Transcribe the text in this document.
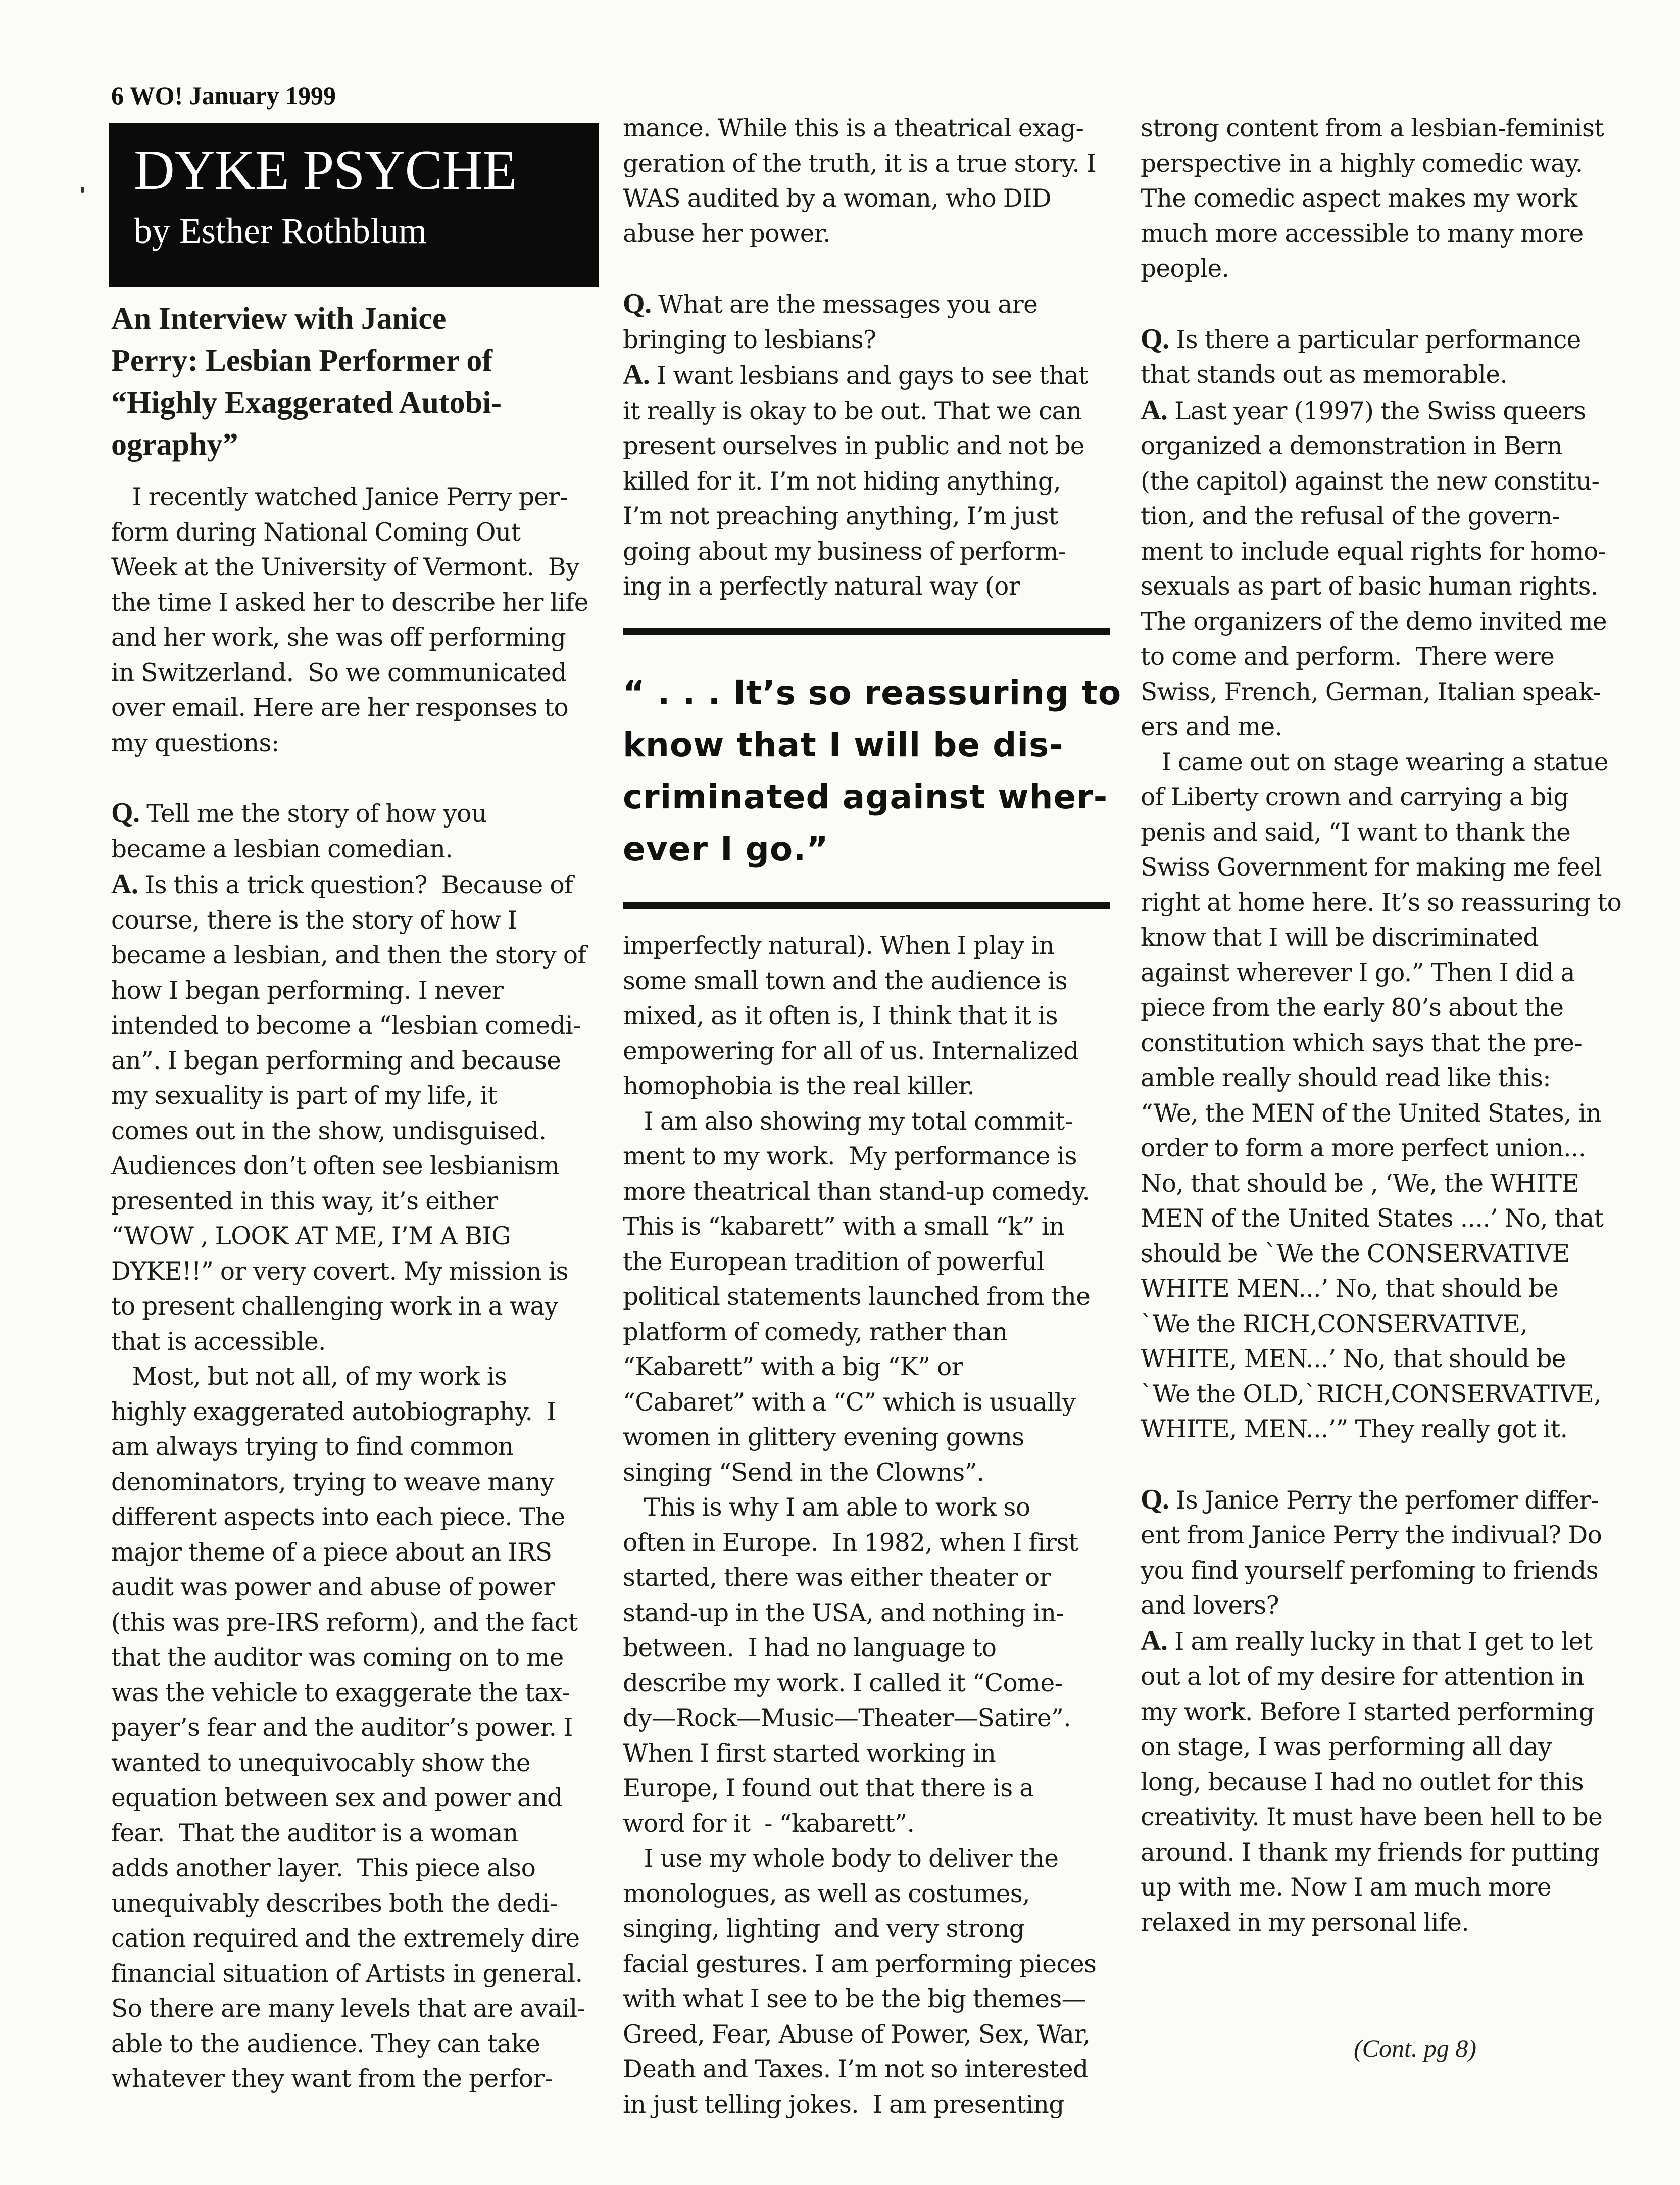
6 WO! January 1999
DYKE PSYCHE
by Esther Rothblum
An Interview with Janice
Perry: Lesbian Performer of
“Highly Exaggerated Autobi-
ography”
I recently watched Janice Perry per-
form during National Coming Out
Week at the University of Vermont.  By
the time I asked her to describe her life
and her work, she was off performing
in Switzerland.  So we communicated
over email. Here are her responses to
my questions:
Q. Tell me the story of how you
became a lesbian comedian.
A. Is this a trick question?  Because of
course, there is the story of how I
became a lesbian, and then the story of
how I began performing. I never
intended to become a “lesbian comedi-
an”. I began performing and because
my sexuality is part of my life, it
comes out in the show, undisguised.
Audiences don’t often see lesbianism
presented in this way, it’s either
“WOW , LOOK AT ME, I’M A BIG
DYKE!!” or very covert. My mission is
to present challenging work in a way
that is accessible.
Most, but not all, of my work is
highly exaggerated autobiography.  I
am always trying to find common
denominators, trying to weave many
different aspects into each piece. The
major theme of a piece about an IRS
audit was power and abuse of power
(this was pre-IRS reform), and the fact
that the auditor was coming on to me
was the vehicle to exaggerate the tax-
payer’s fear and the auditor’s power. I
wanted to unequivocably show the
equation between sex and power and
fear.  That the auditor is a woman
adds another layer.  This piece also
unequivably describes both the dedi-
cation required and the extremely dire
financial situation of Artists in general.
So there are many levels that are avail-
able to the audience. They can take
whatever they want from the perfor-
mance. While this is a theatrical exag-
geration of the truth, it is a true story. I
WAS audited by a woman, who DID
abuse her power.
Q. What are the messages you are
bringing to lesbians?
A. I want lesbians and gays to see that
it really is okay to be out. That we can
present ourselves in public and not be
killed for it. I’m not hiding anything,
I’m not preaching anything, I’m just
going about my business of perform-
ing in a perfectly natural way (or
“ . . . It’s so reassuring to
know that I will be dis-
criminated against wher-
ever I go.”
imperfectly natural). When I play in
some small town and the audience is
mixed, as it often is, I think that it is
empowering for all of us. Internalized
homophobia is the real killer.
I am also showing my total commit-
ment to my work.  My performance is
more theatrical than stand-up comedy.
This is “kabarett” with a small “k” in
the European tradition of powerful
political statements launched from the
platform of comedy, rather than
“Kabarett” with a big “K” or
“Cabaret” with a “C” which is usually
women in glittery evening gowns
singing “Send in the Clowns”.
This is why I am able to work so
often in Europe.  In 1982, when I first
started, there was either theater or
stand-up in the USA, and nothing in-
between.  I had no language to
describe my work. I called it “Come-
dy—Rock—Music—Theater—Satire”.
When I first started working in
Europe, I found out that there is a
word for it  - “kabarett”.
I use my whole body to deliver the
monologues, as well as costumes,
singing, lighting  and very strong
facial gestures. I am performing pieces
with what I see to be the big themes—
Greed, Fear, Abuse of Power, Sex, War,
Death and Taxes. I’m not so interested
in just telling jokes.  I am presenting
strong content from a lesbian-feminist
perspective in a highly comedic way.
The comedic aspect makes my work
much more accessible to many more
people.
Q. Is there a particular performance
that stands out as memorable.
A. Last year (1997) the Swiss queers
organized a demonstration in Bern
(the capitol) against the new constitu-
tion, and the refusal of the govern-
ment to include equal rights for homo-
sexuals as part of basic human rights.
The organizers of the demo invited me
to come and perform.  There were
Swiss, French, German, Italian speak-
ers and me.
I came out on stage wearing a statue
of Liberty crown and carrying a big
penis and said, “I want to thank the
Swiss Government for making me feel
right at home here. It’s so reassuring to
know that I will be discriminated
against wherever I go.” Then I did a
piece from the early 80’s about the
constitution which says that the pre-
amble really should read like this:
“We, the MEN of the United States, in
order to form a more perfect union...
No, that should be , ‘We, the WHITE
MEN of the United States ....’ No, that
should be `We the CONSERVATIVE
WHITE MEN...’ No, that should be
`We the RICH,CONSERVATIVE,
WHITE, MEN...’ No, that should be
`We the OLD,`RICH,CONSERVATIVE,
WHITE, MEN...’” They really got it.
Q. Is Janice Perry the perfomer differ-
ent from Janice Perry the indivual? Do
you find yourself perfoming to friends
and lovers?
A. I am really lucky in that I get to let
out a lot of my desire for attention in
my work. Before I started performing
on stage, I was performing all day
long, because I had no outlet for this
creativity. It must have been hell to be
around. I thank my friends for putting
up with me. Now I am much more
relaxed in my personal life.
(Cont. pg 8)
